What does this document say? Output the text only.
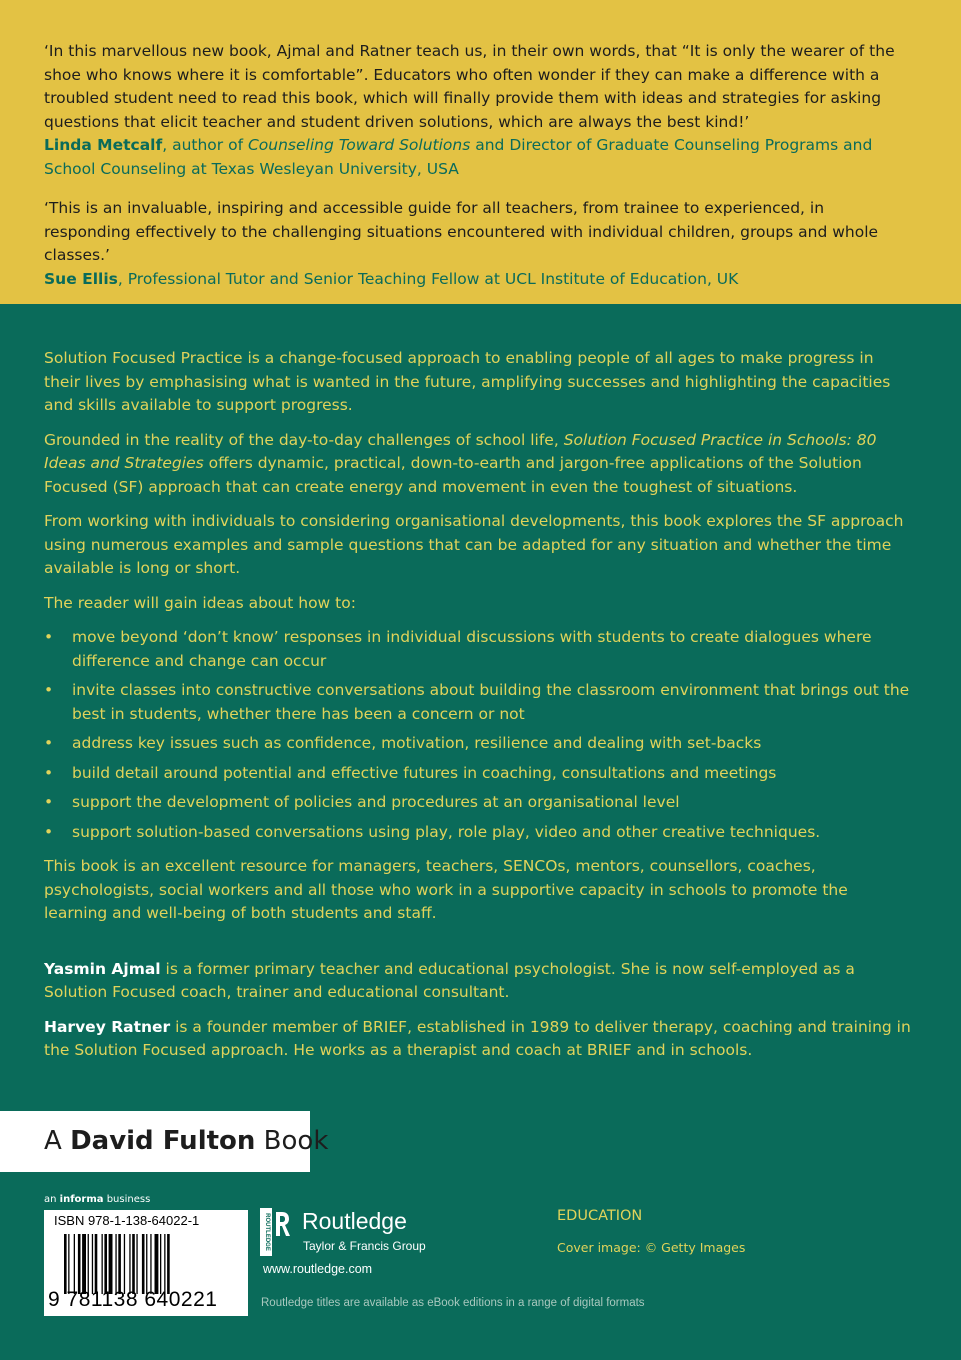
‘In this marvellous new book, Ajmal and Ratner teach us, in their own words, that “It is only the wearer of the shoe who knows where it is comfortable”. Educators who often wonder if they can make a difference with a troubled student need to read this book, which will finally provide them with ideas and strategies for asking questions that elicit teacher and student driven solutions, which are always the best kind!’
Linda Metcalf, author of Counseling Toward Solutions and Director of Graduate Counseling Programs and School Counseling at Texas Wesleyan University, USA
‘This is an invaluable, inspiring and accessible guide for all teachers, from trainee to experienced, in responding effectively to the challenging situations encountered with individual children, groups and whole classes.’
Sue Ellis, Professional Tutor and Senior Teaching Fellow at UCL Institute of Education, UK

Solution Focused Practice is a change-focused approach to enabling people of all ages to make progress in their lives by emphasising what is wanted in the future, amplifying successes and highlighting the capacities and skills available to support progress.

Grounded in the reality of the day-to-day challenges of school life, Solution Focused Practice in Schools: 80 Ideas and Strategies offers dynamic, practical, down-to-earth and jargon-free applications of the Solution Focused (SF) approach that can create energy and movement in even the toughest of situations.

From working with individuals to considering organisational developments, this book explores the SF approach using numerous examples and sample questions that can be adapted for any situation and whether the time available is long or short.

The reader will gain ideas about how to:

• move beyond ‘don’t know’ responses in individual discussions with students to create dialogues where difference and change can occur
• invite classes into constructive conversations about building the classroom environment that brings out the best in students, whether there has been a concern or not
• address key issues such as confidence, motivation, resilience and dealing with set-backs
• build detail around potential and effective futures in coaching, consultations and meetings
• support the development of policies and procedures at an organisational level
• support solution-based conversations using play, role play, video and other creative techniques.

This book is an excellent resource for managers, teachers, SENCOs, mentors, counsellors, coaches, psychologists, social workers and all those who work in a supportive capacity in schools to promote the learning and well-being of both students and staff.

Yasmin Ajmal is a former primary teacher and educational psychologist. She is now self-employed as a Solution Focused coach, trainer and educational consultant.

Harvey Ratner is a founder member of BRIEF, established in 1989 to deliver therapy, coaching and training in the Solution Focused approach. He works as a therapist and coach at BRIEF and in schools.

A David Fulton Book
an informa business
ISBN 978-1-138-64022-1
9 781138 640221
ROUTLEDGE Routledge
Taylor & Francis Group
www.routledge.com
Routledge titles are available as eBook editions in a range of digital formats
EDUCATION
Cover image: © Getty Images
